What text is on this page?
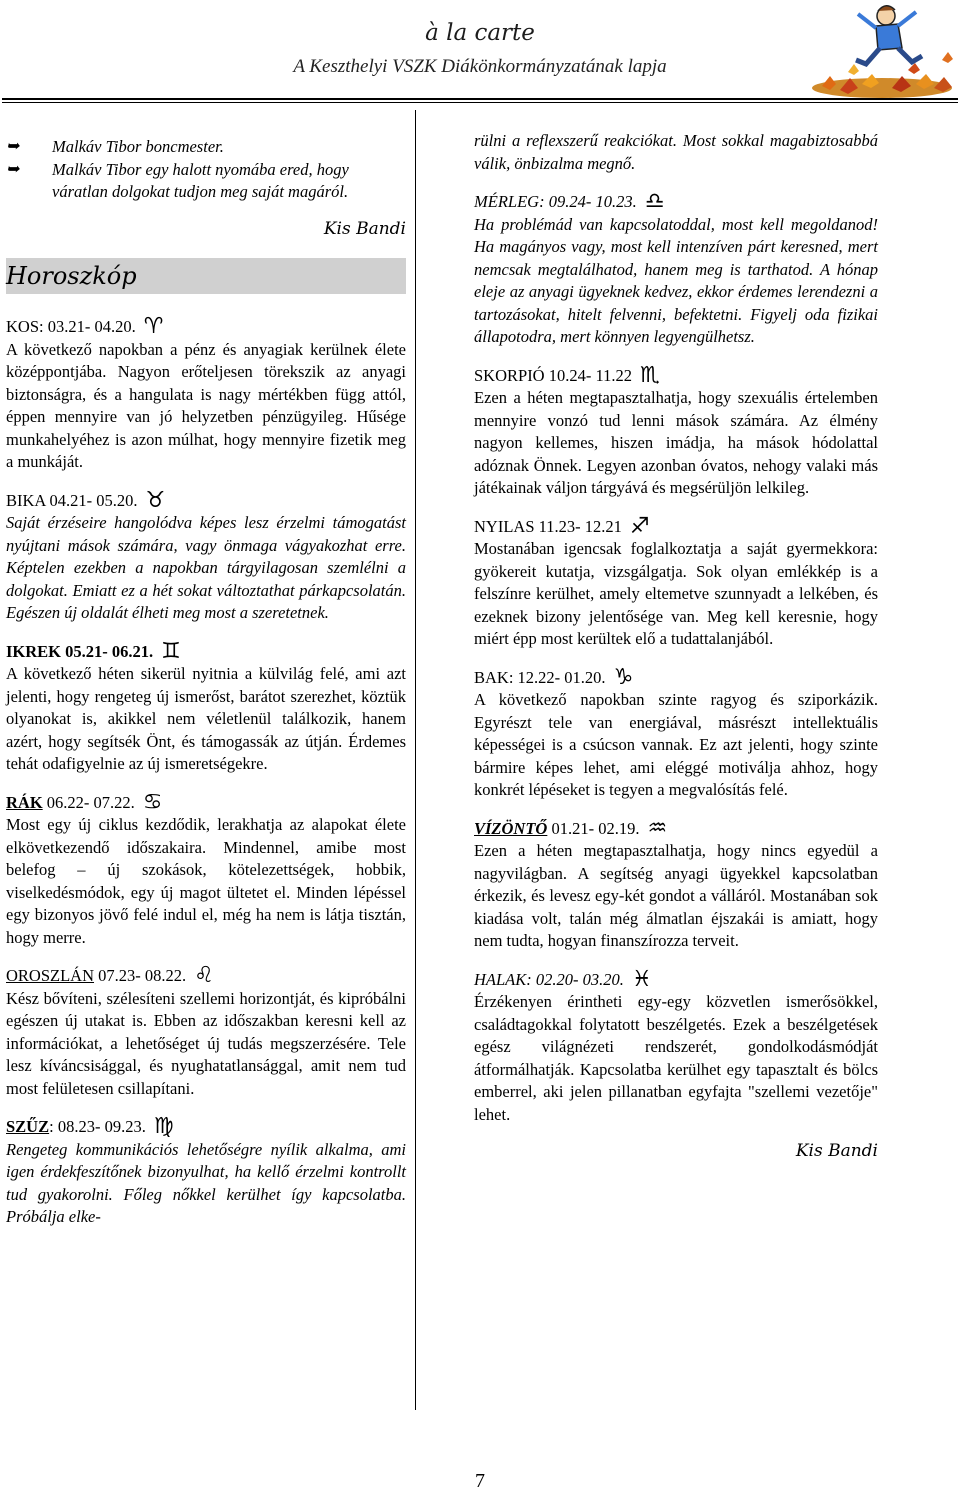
à la carte
A Keszthelyi VSZK Diákönkormányzatának lapja
➥ Malkáv Tibor boncmester.
➥ Malkáv Tibor egy halott nyomába ered, hogy váratlan dolgokat tudjon meg saját magáról.
Kis Bandi
Horoszkóp
KOS: 03.21- 04.20. ♈
A következő napokban a pénz és anyagiak kerülnek élete középpontjába. Nagyon erőteljesen törekszik az anyagi biztonságra, és a hangulata is nagy mértékben függ attól, éppen mennyire van jó helyzetben pénzügyileg. Hűsége munkahelyéhez is azon múlhat, hogy mennyire fizetik meg a munkáját.
BIKA 04.21- 05.20. ♉
Saját érzéseire hangolódva képes lesz érzelmi támogatást nyújtani mások számára, vagy önmaga vágyakozhat erre. Képtelen ezekben a napokban tárgyilagosan szemlélni a dolgokat. Emiatt ez a hét sokat változtathat párkapcsolatán. Egészen új oldalát élheti meg most a szeretetnek.
IKREK 05.21- 06.21. ♊
A következő héten sikerül nyitnia a külvilág felé, ami azt jelenti, hogy rengeteg új ismerőst, barátot szerezhet, köztük olyanokat is, akikkel nem véletlenül találkozik, hanem azért, hogy segítsék Önt, és támogassák az útján. Érdemes tehát odafigyelnie az új ismeretségekre.
RÁK 06.22- 07.22. ♋
Most egy új ciklus kezdődik, lerakhatja az alapokat élete elkövetkezendő időszakaira. Mindennel, amibe most belefog – új szokások, kötelezettségek, hobbik, viselkedésmódok, egy új magot ültetet el. Minden lépéssel egy bizonyos jövő felé indul el, még ha nem is látja tisztán, hogy merre.
OROSZLÁN 07.23- 08.22. ♌
Kész bővíteni, szélesíteni szellemi horizontját, és kipróbálni egészen új utakat is. Ebben az időszakban keresni kell az információkat, a lehetőséget új tudás megszerzésére. Tele lesz kíváncsisággal, és nyughatatlansággal, amit nem tud most felületesen csillapítani.
SZŰZ: 08.23- 09.23. ♍
Rengeteg kommunikációs lehetőségre nyílik alkalma, ami igen érdekfeszítőnek bizonyulhat, ha kellő érzelmi kontrollt tud gyakorolni. Főleg nőkkel kerülhet így kapcsolatba. Próbálja elke-
rülni a reflexszerű reakciókat. Most sokkal magabiztosabbá válik, önbizalma megnő.
MÉRLEG: 09.24- 10.23. ♎
Ha problémád van kapcsolatoddal, most kell megoldanod! Ha magányos vagy, most kell intenzíven párt keresned, mert nemcsak megtalálhatod, hanem meg is tarthatod. A hónap eleje az anyagi ügyeknek kedvez, ekkor érdemes lerendezni a tartozásokat, hitelt felvenni, befektetni. Figyelj oda fizikai állapotodra, mert könnyen legyengülhetsz.
SKORPIÓ 10.24- 11.22 ♏
Ezen a héten megtapasztalhatja, hogy szexuális értelemben mennyire vonzó tud lenni mások számára. Az élmény nagyon kellemes, hiszen imádja, ha mások hódolattal adóznak Önnek. Legyen azonban óvatos, nehogy valaki más játékainak váljon tárgyává és megsérüljön lelkileg.
NYILAS 11.23- 12.21 ♐
Mostanában igencsak foglalkoztatja a saját gyermekkora: gyökereit kutatja, vizsgálgatja. Sok olyan emlékkép is a felszínre kerülhet, amely eltemetve szunnyadt a lelkében, és ezeknek bizony jelentősége van. Meg kell keresnie, hogy miért épp most kerültek elő a tudattalanjából.
BAK: 12.22- 01.20. ♑
A következő napokban szinte ragyog és sziporkázik. Egyrészt tele van energiával, másrészt intellektuális képességei is a csúcson vannak. Ez azt jelenti, hogy szinte bármire képes lehet, ami eléggé motiválja ahhoz, hogy konkrét lépéseket is tegyen a megvalósítás felé.
VÍZÖNTŐ 01.21- 02.19. ♒
Ezen a héten megtapasztalhatja, hogy nincs egyedül a nagyvilágban. A segítség anyagi ügyekkel kapcsolatban érkezik, és levesz egy-két gondot a válláról. Mostanában sok kiadása volt, talán még álmatlan éjszakái is amiatt, hogy nem tudta, hogyan finanszírozza terveit.
HALAK: 02.20- 03.20. ♓
Érzékenyen érintheti egy-egy közvetlen ismerősökkel, családtagokkal folytatott beszélgetés. Ezek a beszélgetések egész világnézeti rendszerét, gondolkodásmódját átformálhatják. Kapcsolatba kerülhet egy tapasztalt és bölcs emberrel, aki jelen pillanatban egyfajta "szellemi vezetője" lehet.
Kis Bandi
7
